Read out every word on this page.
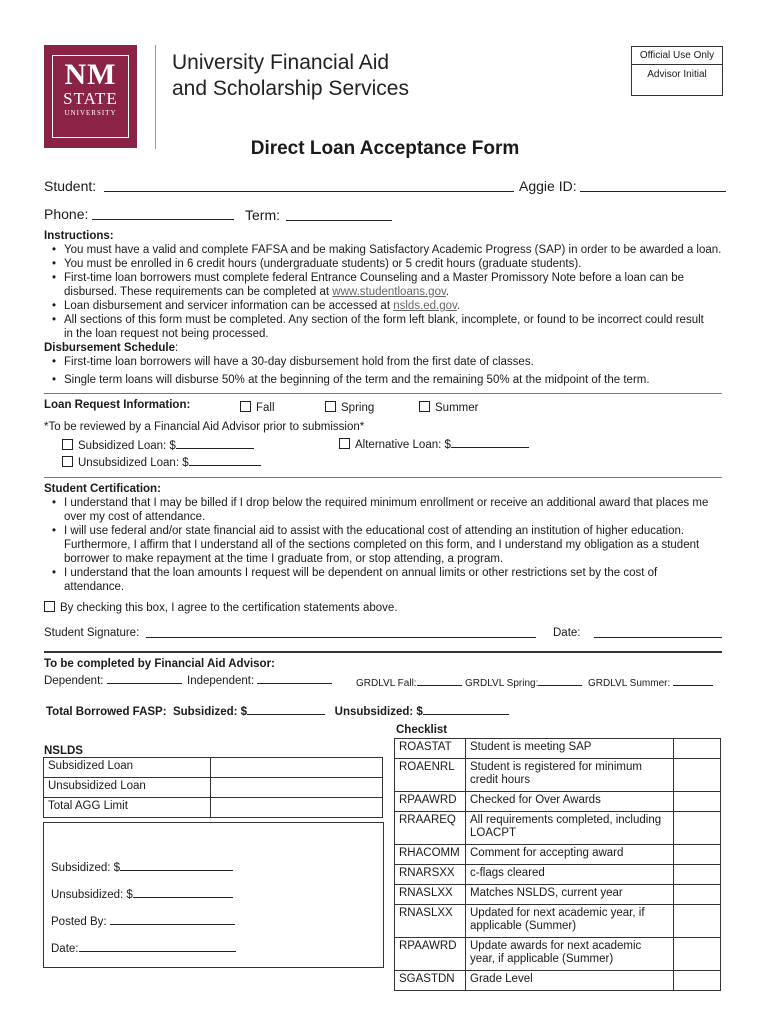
NM
STATE
UNIVERSITY
University Financial Aid
and Scholarship Services
Official Use Only
Advisor Initial
Direct Loan Acceptance Form
Student:	Aggie ID:
Phone:	Term:
Instructions:
• You must have a valid and complete FAFSA and be making Satisfactory Academic Progress (SAP) in order to be awarded a loan.
• You must be enrolled in 6 credit hours (undergraduate students) or 5 credit hours (graduate students).
• First-time loan borrowers must complete federal Entrance Counseling and a Master Promissory Note before a loan can be
disbursed. These requirements can be completed at www.studentloans.gov.
• Loan disbursement and servicer information can be accessed at nslds.ed.gov.
• All sections of this form must be completed. Any section of the form left blank, incomplete, or found to be incorrect could result
in the loan request not being processed.
Disbursement Schedule:
• First-time loan borrowers will have a 30-day disbursement hold from the first date of classes.
• Single term loans will disburse 50% at the beginning of the term and the remaining 50% at the midpoint of the term.
Loan Request Information:	Fall	Spring	Summer
*To be reviewed by a Financial Aid Advisor prior to submission*
Subsidized Loan: $
Unsubsidized Loan: $
Alternative Loan: $
Student Certification:
• I understand that I may be billed if I drop below the required minimum enrollment or receive an additional award that places me
over my cost of attendance.
• I will use federal and/or state financial aid to assist with the educational cost of attending an institution of higher education.
Furthermore, I affirm that I understand all of the sections completed on this form, and I understand my obligation as a student
borrower to make repayment at the time I graduate from, or stop attending, a program.
• I understand that the loan amounts I request will be dependent on annual limits or other restrictions set by the cost of
attendance.
By checking this box, I agree to the certification statements above.
Student Signature:	Date:
To be completed by Financial Aid Advisor:
Dependent:	Independent:	GRDLVL Fall:	GRDLVL Spring:	GRDLVL Summer:
Total Borrowed FASP: Subsidized: $	Unsubsidized: $
NSLDS
Subsidized Loan	
Unsubsidized Loan	
Total AGG Limit	
Subsidized: $
Unsubsidized: $
Posted By:
Date:
Checklist
ROASTAT	Student is meeting SAP	
ROAENRL	Student is registered for minimum credit hours	
RPAAWRD	Checked for Over Awards	
RRAAREQ	All requirements completed, including LOACPT	
RHACOMM	Comment for accepting award	
RNARSXX	c-flags cleared	
RNASLXX	Matches NSLDS, current year	
RNASLXX	Updated for next academic year, if applicable (Summer)	
RPAAWRD	Update awards for next academic year, if applicable (Summer)	
SGASTDN	Grade Level	
